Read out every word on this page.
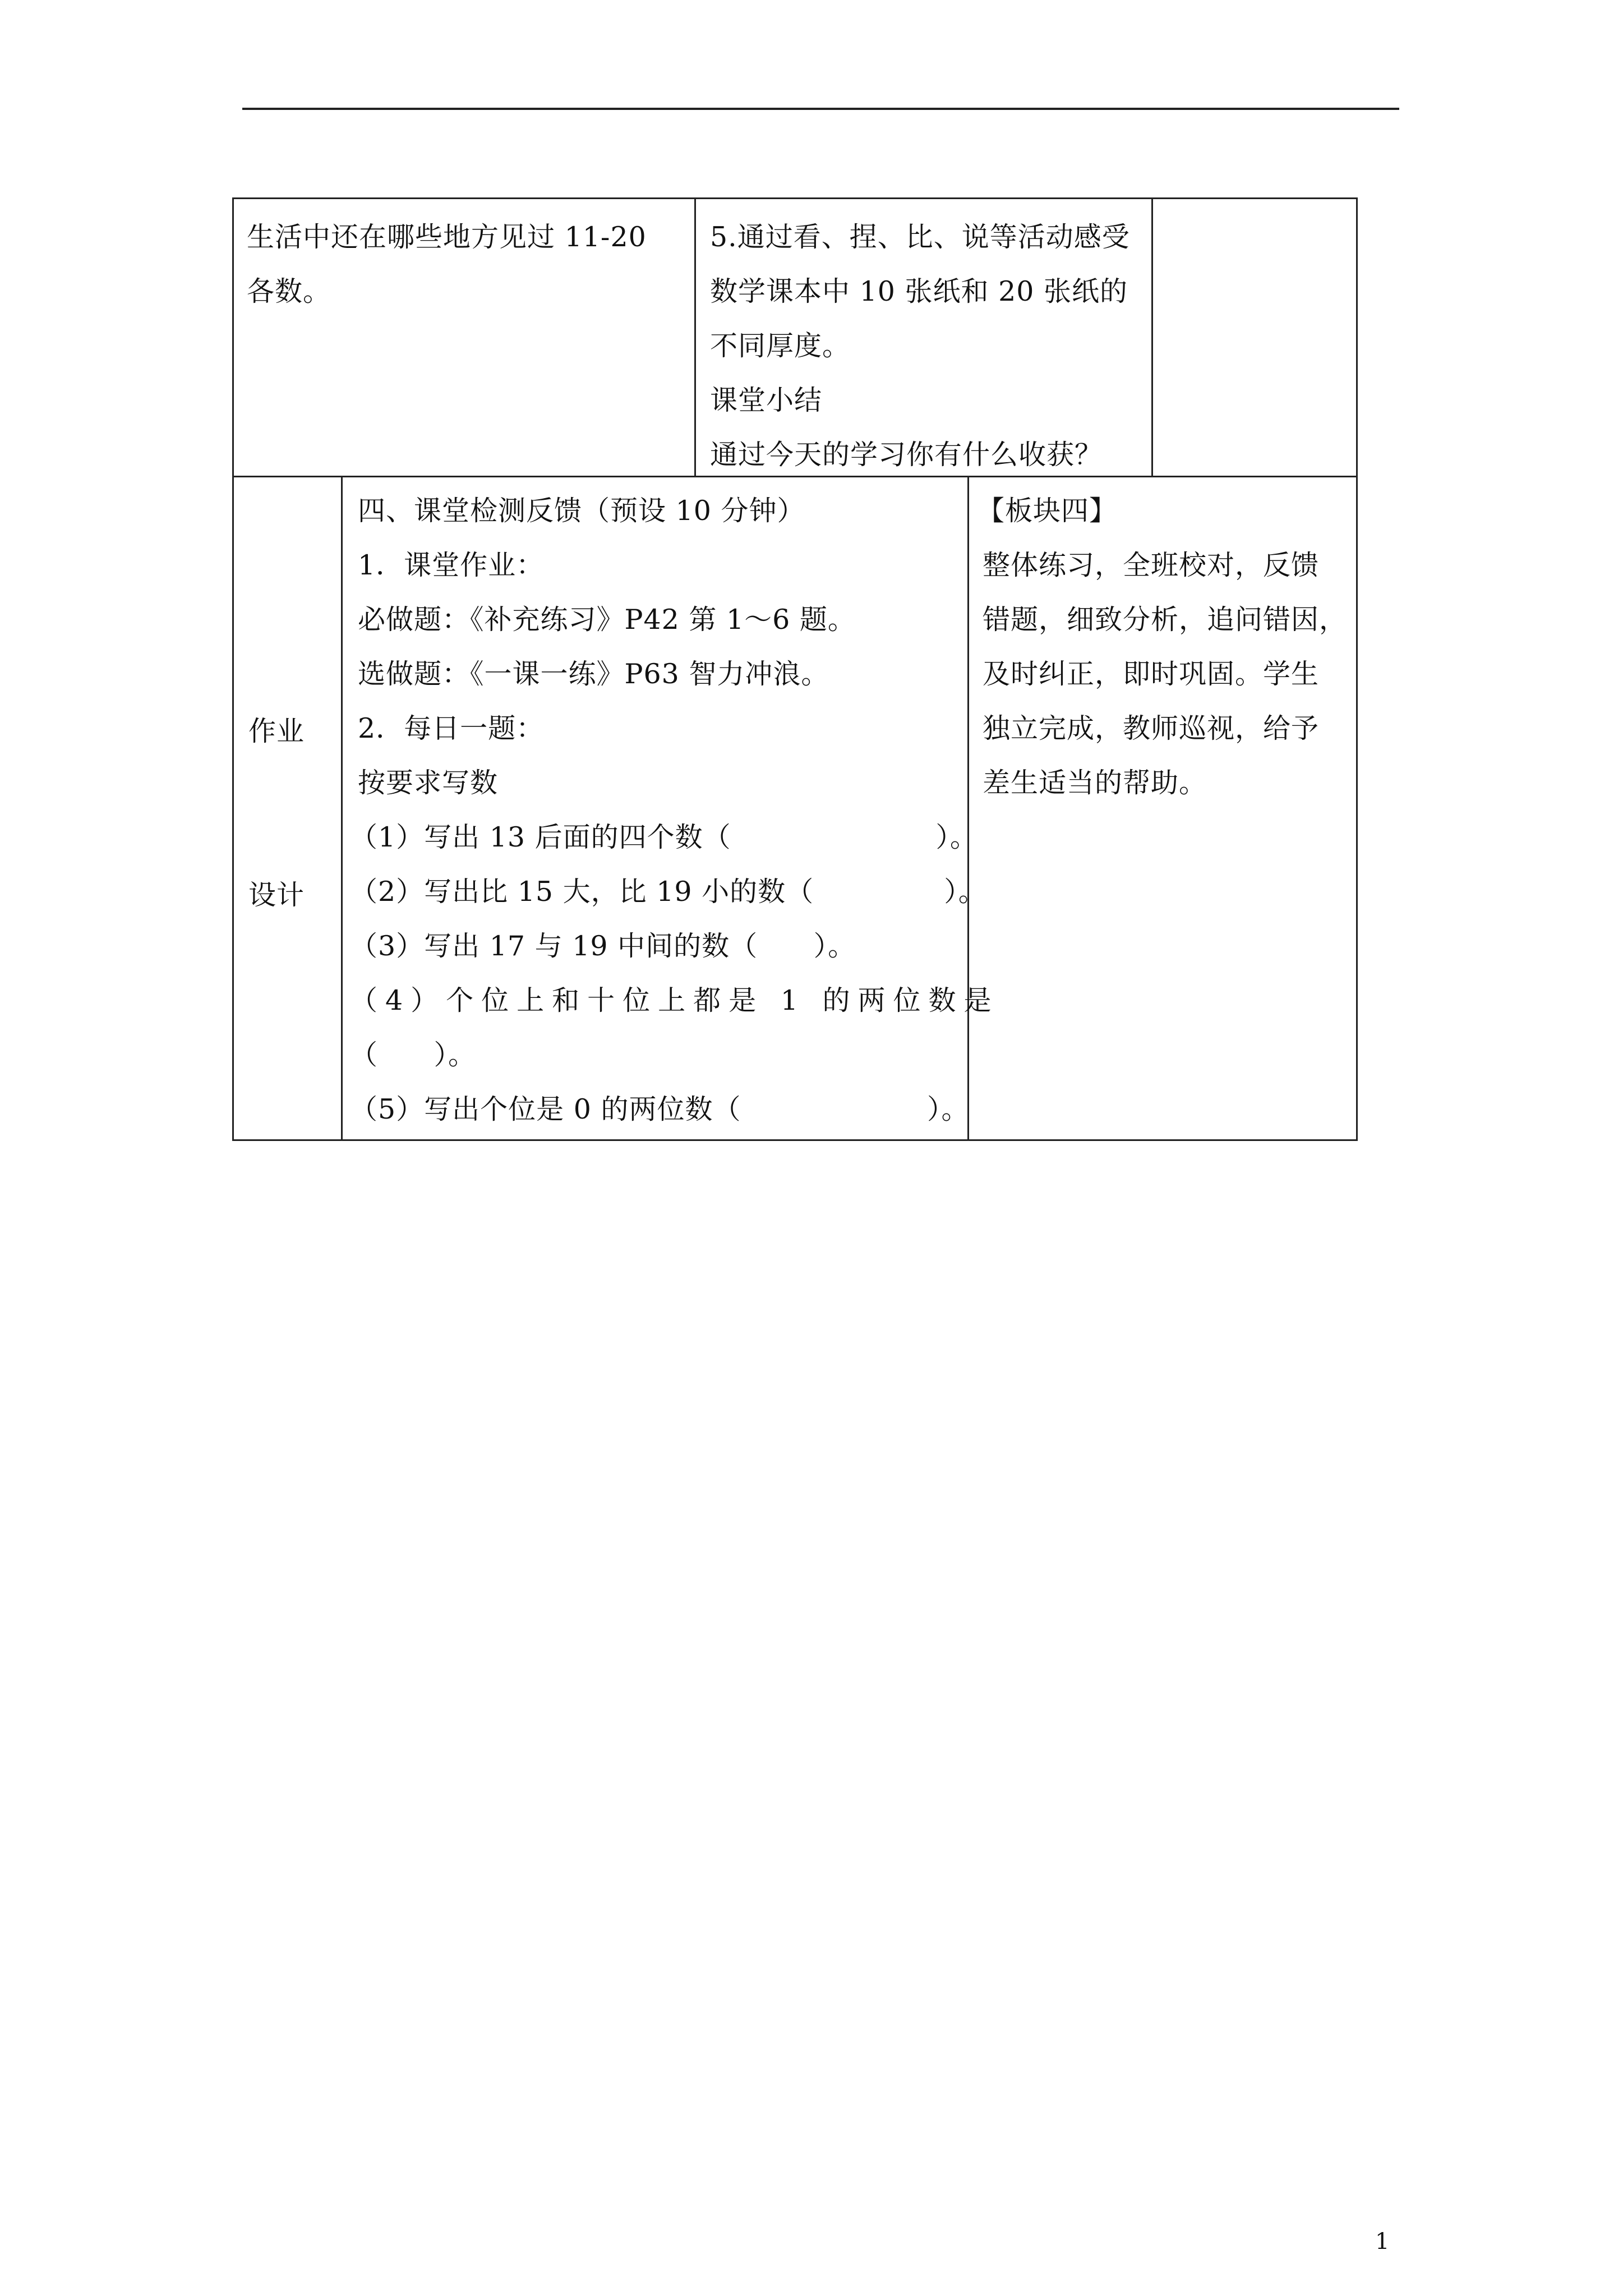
生活中还在哪些地方见过 11-20
各数。
5.通过看、捏、比、说等活动感受
数学课本中 10 张纸和 20 张纸的
不同厚度。
课堂小结
通过今天的学习你有什么收获？
作业
设计
四、课堂检测反馈（预设 10 分钟）
1．课堂作业：
必做题：《补充练习》P42 第 1～6 题。
选做题：《一课一练》P63 智力冲浪。
2．每日一题：
按要求写数
（1）写出 13 后面的四个数（                      ）。
（2）写出比 15 大，比 19 小的数（              ）。
（3）写出 17 与 19 中间的数（      ）。
（4）个位上和十位上都是 1 的两位数是
（      ）。
（5）写出个位是 0 的两位数（                    ）。
【板块四】
整体练习，全班校对，反馈
错题，细致分析，追问错因，
及时纠正，即时巩固。学生
独立完成，教师巡视，给予
差生适当的帮助。
1
